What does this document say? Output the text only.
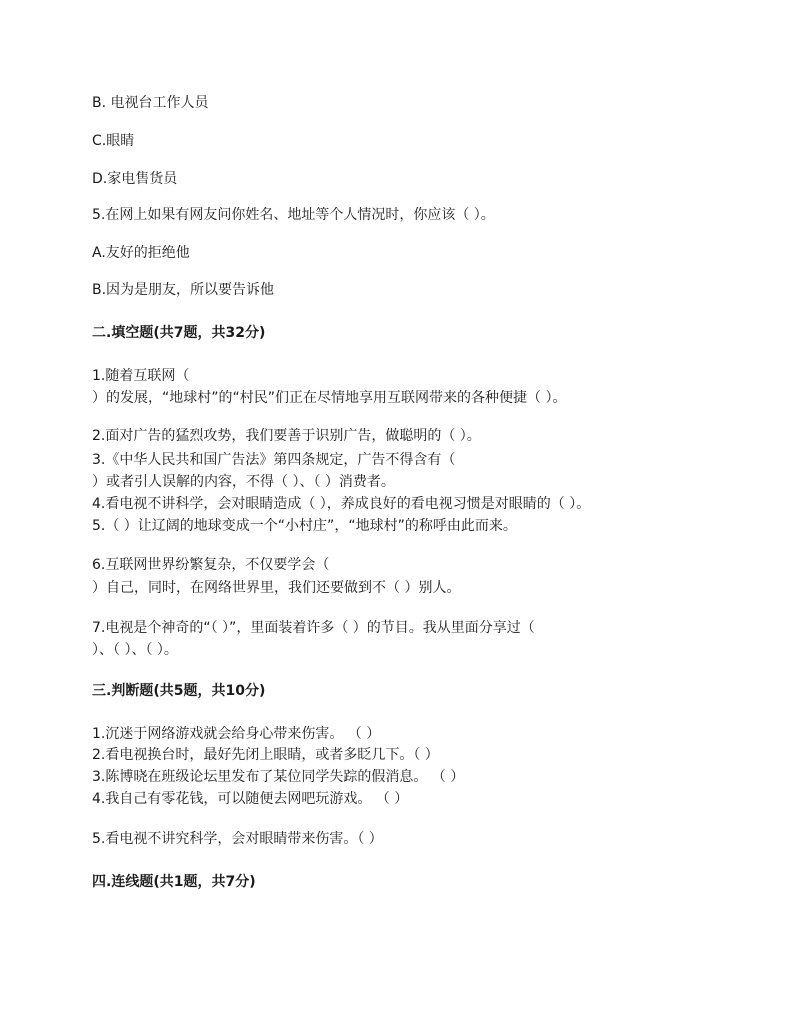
B. 电视台工作人员

C.眼睛

D.家电售货员

5.在网上如果有网友问你姓名、地址等个人情况时，你应该（ ）。

A.友好的拒绝他

B.因为是朋友，所以要告诉他

二.填空题(共7题，共32分)

1.随着互联网（

）的发展，“地球村”的“村民”们正在尽情地享用互联网带来的各种便捷（ ）。

2.面对广告的猛烈攻势，我们要善于识别广告，做聪明的（ ）。

3.《中华人民共和国广告法》第四条规定，广告不得含有（

）或者引人误解的内容，不得（ ）、（ ）消费者。

4.看电视不讲科学，会对眼睛造成（ ），养成良好的看电视习惯是对眼睛的（ ）。

5.（ ）让辽阔的地球变成一个“小村庄”，“地球村”的称呼由此而来。

6.互联网世界纷繁复杂，不仅要学会（

）自己，同时，在网络世界里，我们还要做到不（ ）别人。

7.电视是个神奇的“（ ）”，里面装着许多（ ）的节目。我从里面分享过（

）、（ ）、（ ）。

三.判断题(共5题，共10分)

1.沉迷于网络游戏就会给身心带来伤害。 （ ）

2.看电视换台时，最好先闭上眼睛，或者多眨几下。（ ）

3.陈博晓在班级论坛里发布了某位同学失踪的假消息。 （ ）

4.我自己有零花钱，可以随便去网吧玩游戏。 （ ）

5.看电视不讲究科学，会对眼睛带来伤害。（ ）

四.连线题(共1题，共7分)
